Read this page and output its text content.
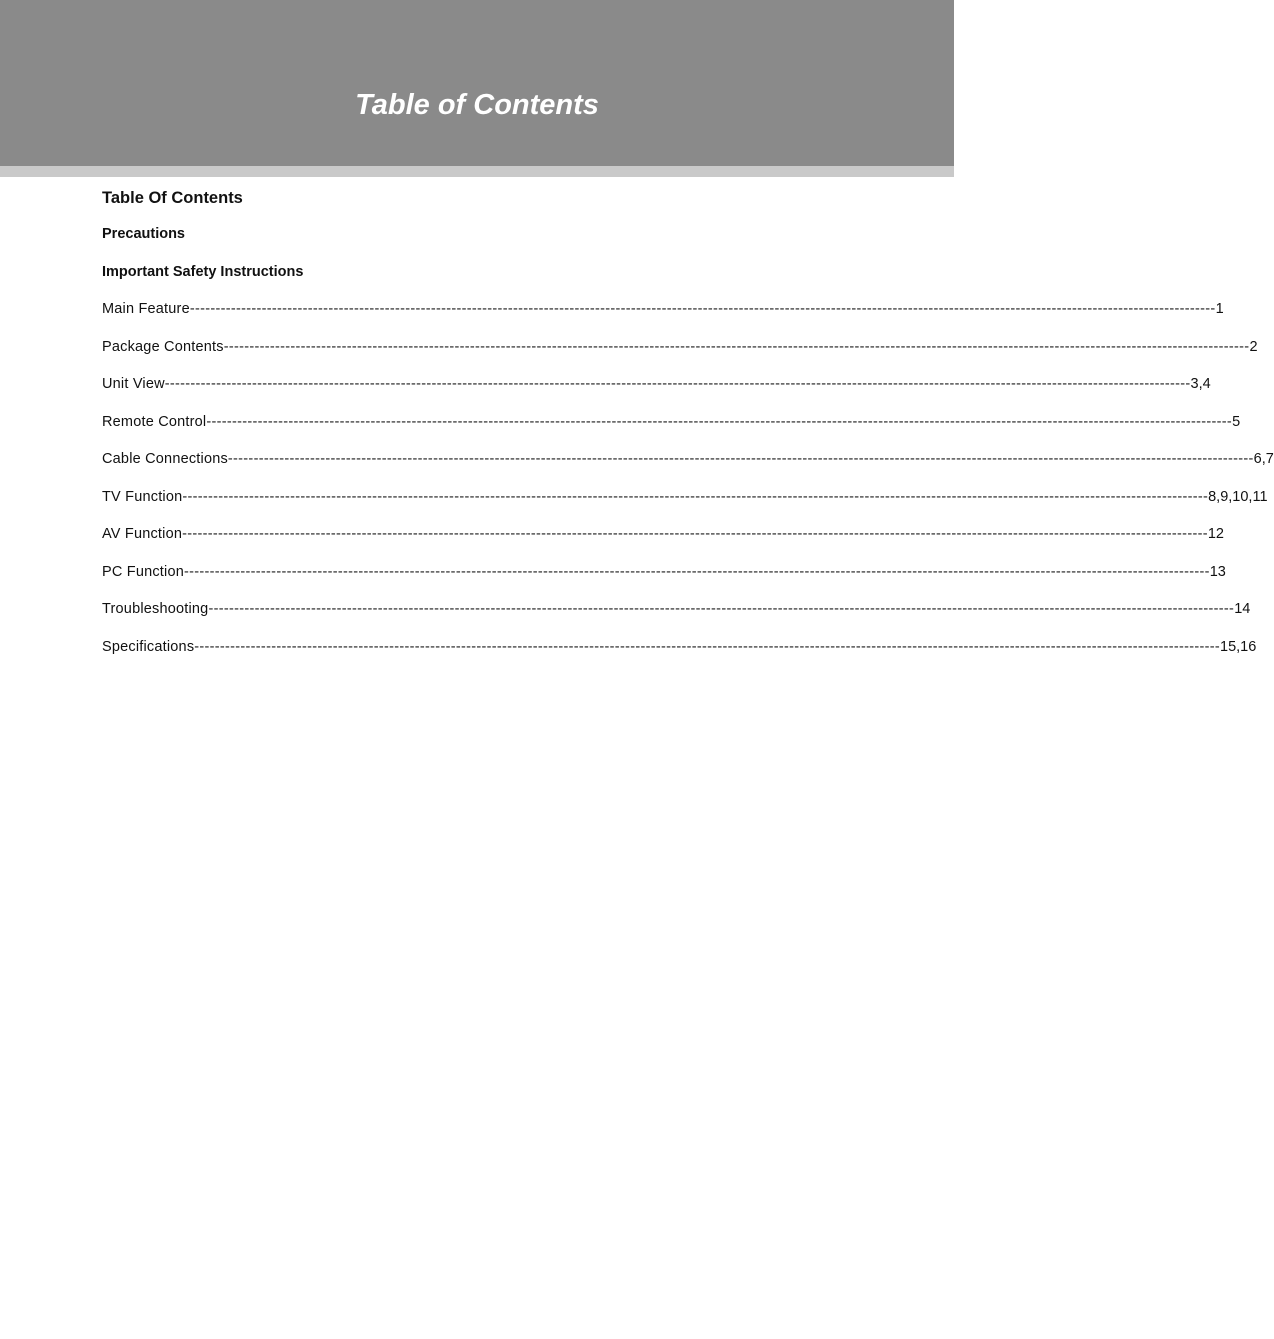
Table of Contents
Table Of Contents
Precautions
Important Safety Instructions
Main Feature -------------------------------------------------------------------------------------------------------------------------------------------------------------------------------------------------------- 1
Package Contents -------------------------------------------------------------------------------------------------------------------------------------------------------------------------------------------------------- 2
Unit View -------------------------------------------------------------------------------------------------------------------------------------------------------------------------------------------------------- 3,4
Remote Control -------------------------------------------------------------------------------------------------------------------------------------------------------------------------------------------------------- 5
Cable Connections -------------------------------------------------------------------------------------------------------------------------------------------------------------------------------------------------------- 6,7
TV Function -------------------------------------------------------------------------------------------------------------------------------------------------------------------------------------------------------- 8,9,10,11
AV Function -------------------------------------------------------------------------------------------------------------------------------------------------------------------------------------------------------- 12
PC Function -------------------------------------------------------------------------------------------------------------------------------------------------------------------------------------------------------- 13
Troubleshooting -------------------------------------------------------------------------------------------------------------------------------------------------------------------------------------------------------- 14
Specifications -------------------------------------------------------------------------------------------------------------------------------------------------------------------------------------------------------- 15,16
